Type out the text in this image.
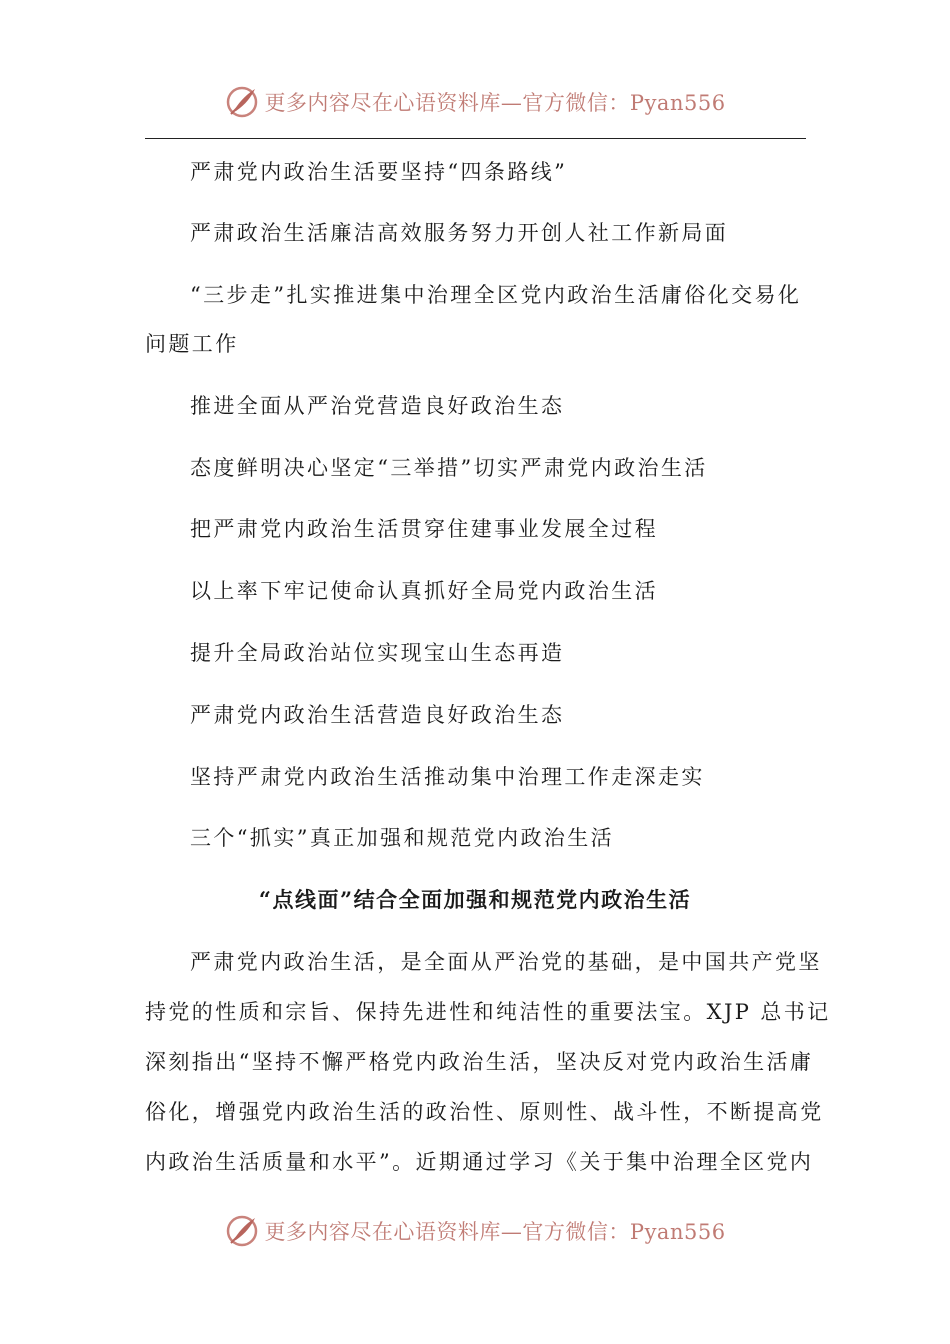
更多内容尽在心语资料库—官方微信：Pyan556
严肃党内政治生活要坚持“四条路线”
严肃政治生活廉洁高效服务努力开创人社工作新局面
“三步走”扎实推进集中治理全区党内政治生活庸俗化交易化
问题工作
推进全面从严治党营造良好政治生态
态度鲜明决心坚定“三举措”切实严肃党内政治生活
把严肃党内政治生活贯穿住建事业发展全过程
以上率下牢记使命认真抓好全局党内政治生活
提升全局政治站位实现宝山生态再造
严肃党内政治生活营造良好政治生态
坚持严肃党内政治生活推动集中治理工作走深走实
三个“抓实”真正加强和规范党内政治生活
“点线面”结合全面加强和规范党内政治生活
严肃党内政治生活，是全面从严治党的基础，是中国共产党坚
持党的性质和宗旨、保持先进性和纯洁性的重要法宝。XJP 总书记
深刻指出“坚持不懈严格党内政治生活，坚决反对党内政治生活庸
俗化，增强党内政治生活的政治性、原则性、战斗性，不断提高党
内政治生活质量和水平”。近期通过学习《关于集中治理全区党内
更多内容尽在心语资料库—官方微信：Pyan556
